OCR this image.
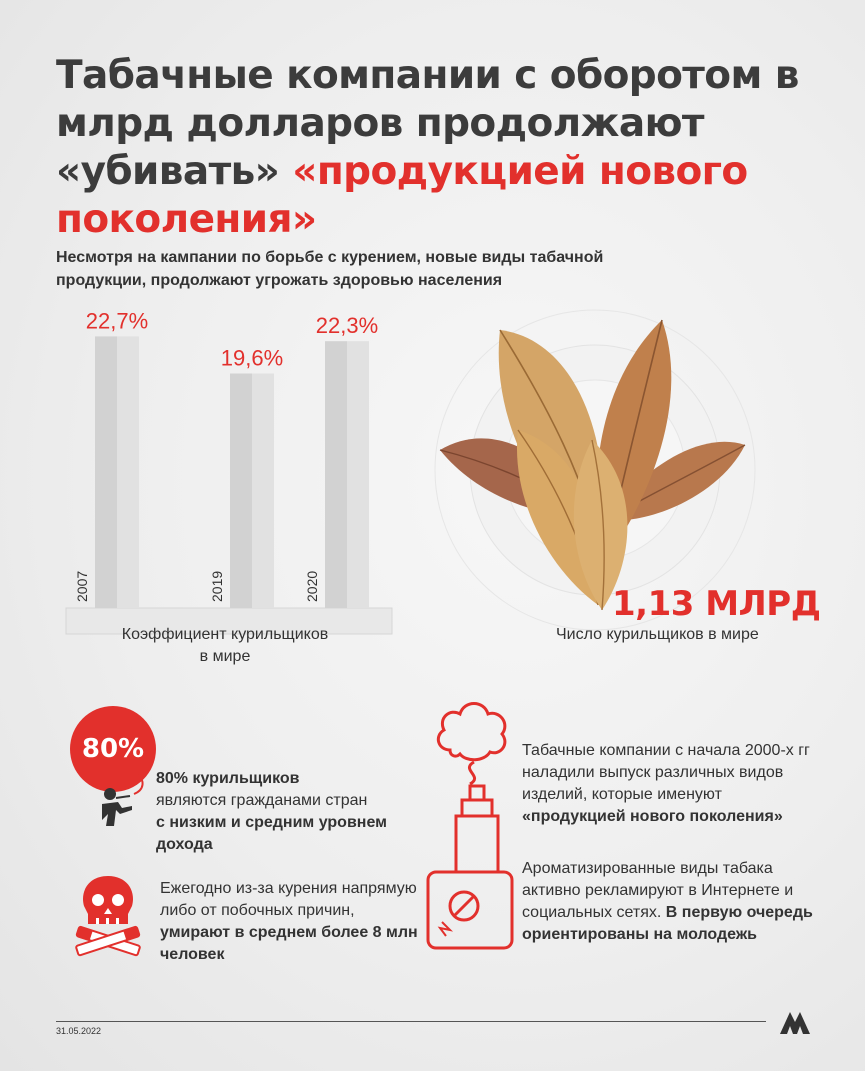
Табачные компании с оборотом в млрд долларов продолжают «убивать» «продукцией нового поколения»
Несмотря на кампании по борьбе с курением, новые виды табачной продукции, продолжают угрожать здоровью населения
22,7%
2007
19,6%
2019
22,3%
2020
Коэффициент курильщиков
в мире
1,13 МЛРД
Число курильщиков в мире
80%
80% курильщиков
являются гражданами стран
с низким и средним уровнем дохода
Ежегодно из-за курения напрямую либо от побочных причин, умирают в среднем более 8 млн человек
Табачные компании с начала 2000-х гг наладили выпуск различных видов изделий, которые именуют «продукцией нового поколения»
Ароматизированные виды табака активно рекламируют в Интернете и социальных сетях. В первую очередь ориентированы на молодежь
31.05.2022
